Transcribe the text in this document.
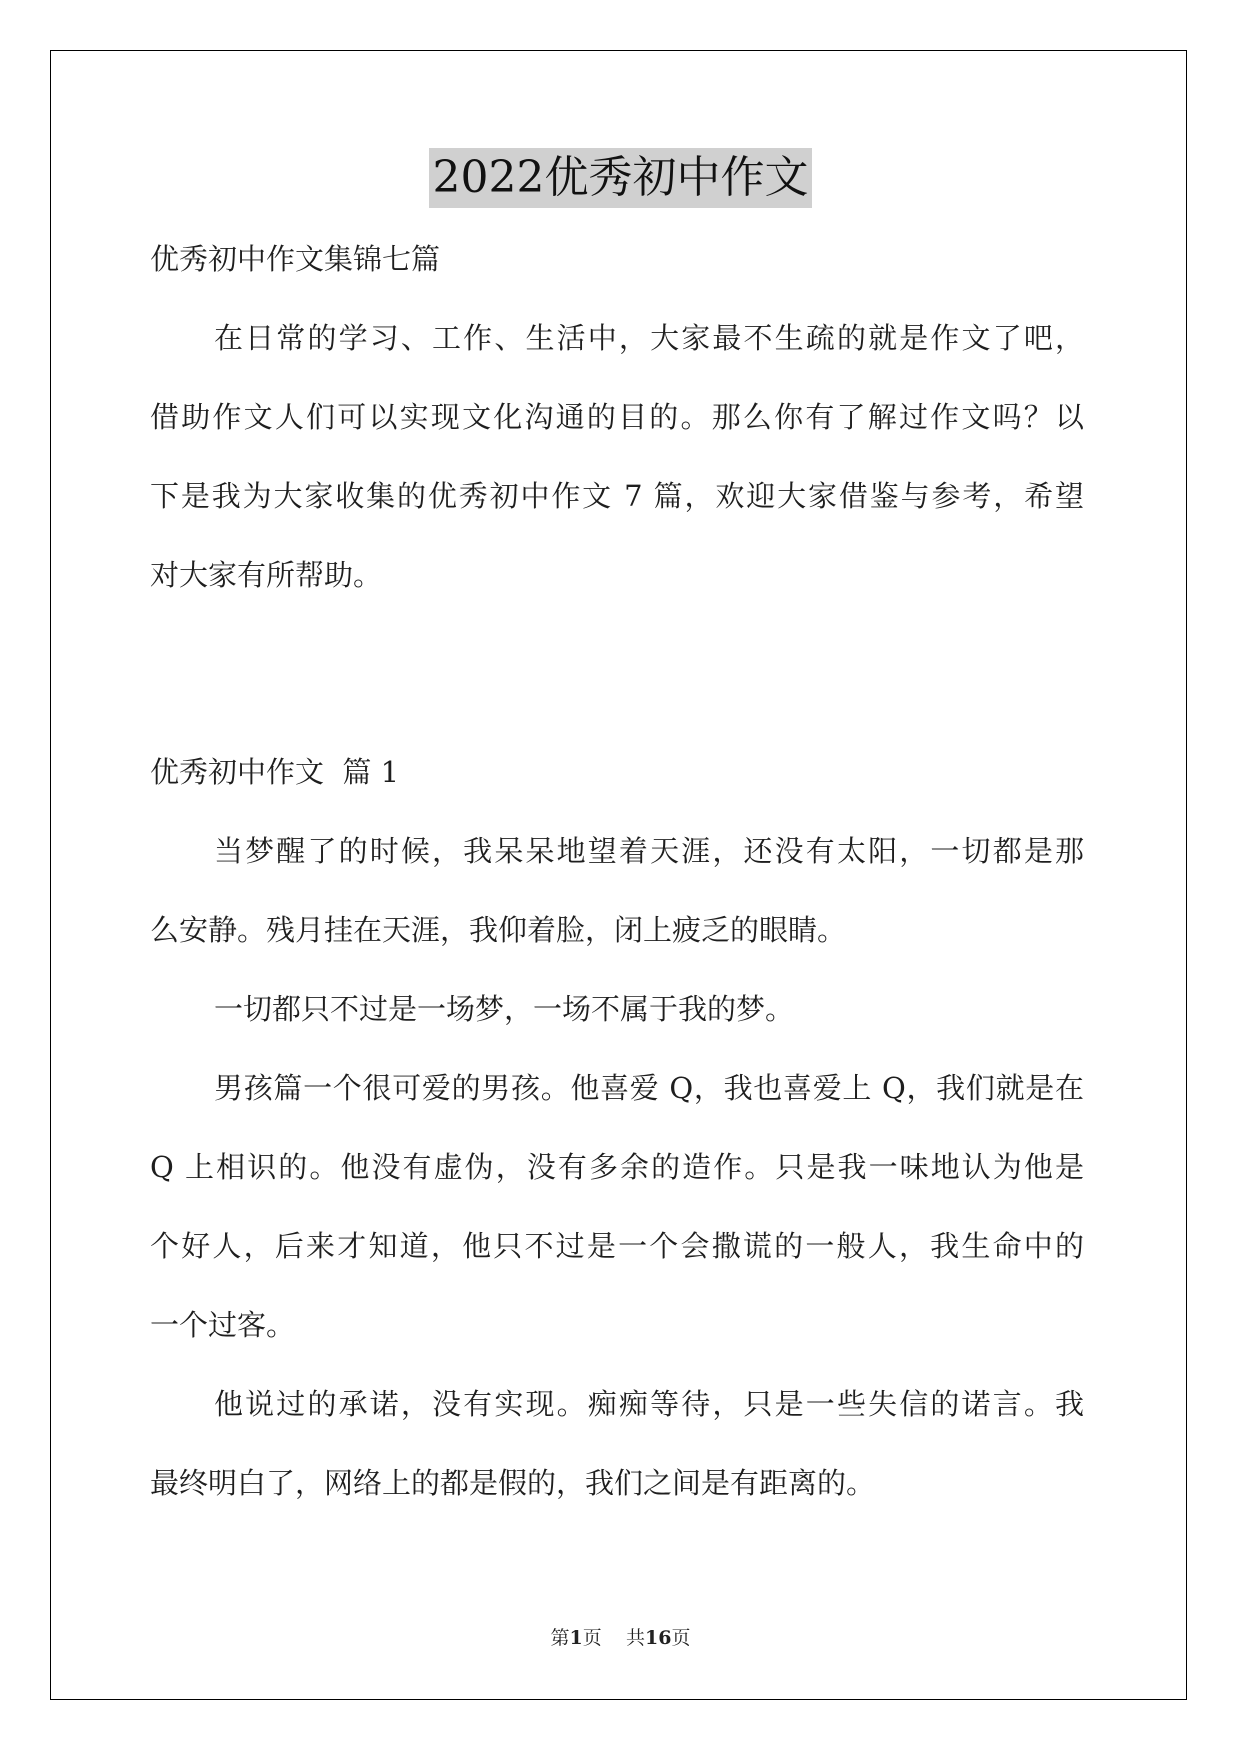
2022优秀初中作文
优秀初中作文集锦七篇
在日常的学习、工作、生活中，大家最不生疏的就是作文了吧，
借助作文人们可以实现文化沟通的目的。那么你有了解过作文吗？以
下是我为大家收集的优秀初中作文 7 篇，欢迎大家借鉴与参考，希望
对大家有所帮助。
优秀初中作文  篇 1
当梦醒了的时候，我呆呆地望着天涯，还没有太阳，一切都是那
么安静。残月挂在天涯，我仰着脸，闭上疲乏的眼睛。
一切都只不过是一场梦，一场不属于我的梦。
男孩篇一个很可爱的男孩。他喜爱 Q，我也喜爱上 Q，我们就是在
Q 上相识的。他没有虚伪，没有多余的造作。只是我一味地认为他是
个好人，后来才知道，他只不过是一个会撒谎的一般人，我生命中的
一个过客。
他说过的承诺，没有实现。痴痴等待，只是一些失信的诺言。我
最终明白了，网络上的都是假的，我们之间是有距离的。
第1页 共16页
